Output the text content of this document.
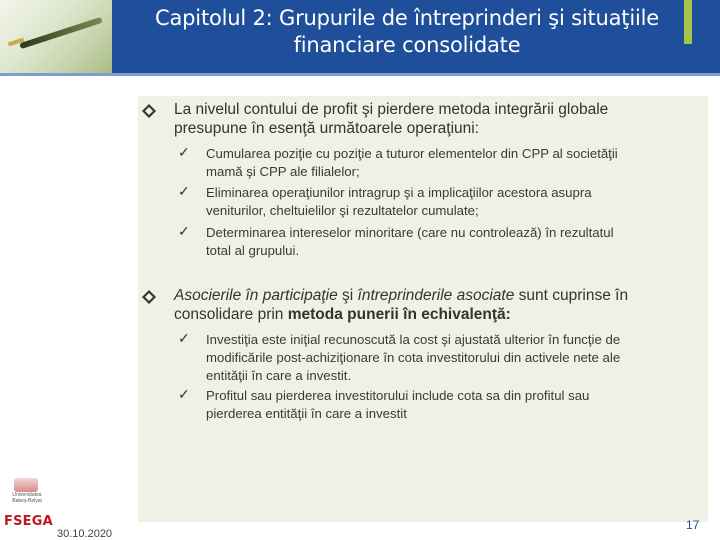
Capitolul 2: Grupurile de întreprinderi şi situaţiile
financiare consolidate
La nivelul contului de profit şi pierdere metoda integrării globale
presupune în esenţă următoarele operaţiuni:
✓ Cumularea poziţie cu poziţie a tuturor elementelor din CPP al societăţii
mamă şi CPP ale filialelor;
✓ Eliminarea operaţiunilor intragrup şi a implicaţiilor acestora asupra
veniturilor, cheltuielilor şi rezultatelor cumulate;
✓ Determinarea intereselor minoritare (care nu controlează) în rezultatul
total al grupului.
Asocierile în participaţie şi întreprinderile asociate sunt cuprinse în
consolidare prin metoda punerii în echivalenţă:
✓ Investiţia este iniţial recunoscută la cost şi ajustată ulterior în funcţie de
modificările post-achiziţionare în cota investitorului din activele nete ale
entităţii în care a investit.
✓ Profitul sau pierderea investitorului include cota sa din profitul sau
pierderea entităţii în care a investit
Universitatea Babeş-Bolyai
FSEGA
30.10.2020
17
